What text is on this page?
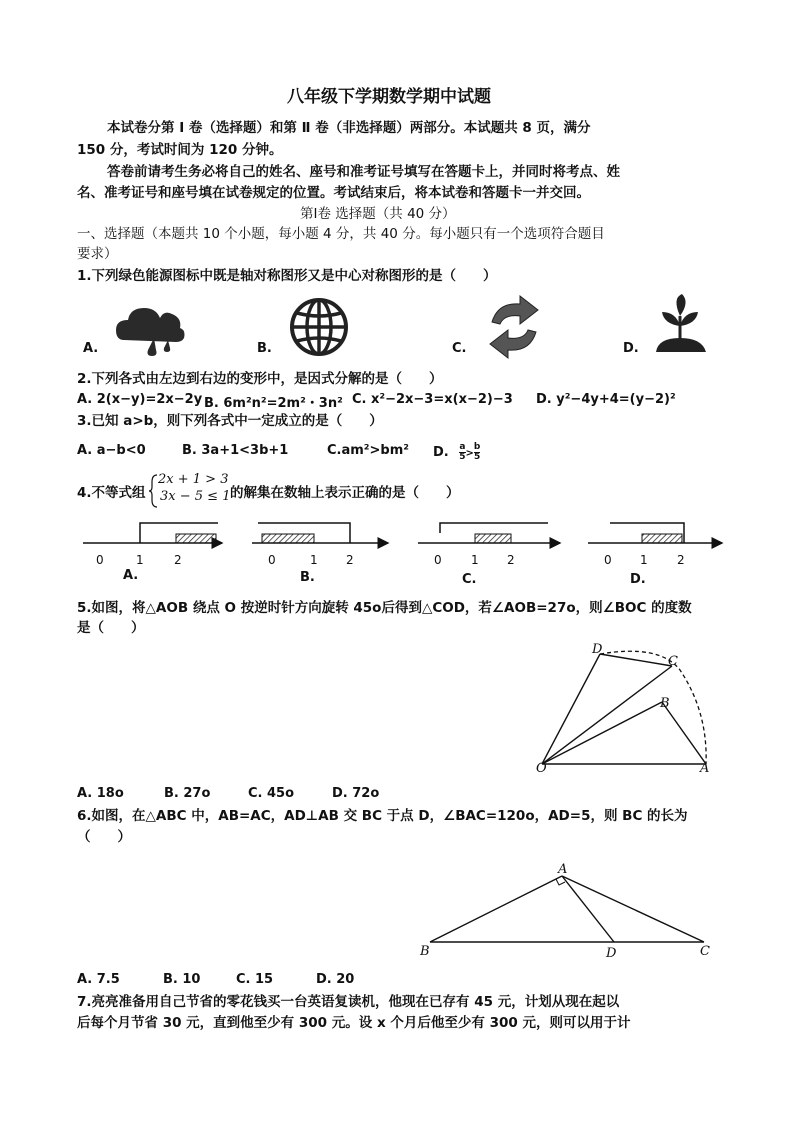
八年级下学期数学期中试题
本试卷分第 Ⅰ 卷（选择题）和第 Ⅱ 卷（非选择题）两部分。本试题共 8 页，满分
150 分，考试时间为 120 分钟。
答卷前请考生务必将自己的姓名、座号和准考证号填写在答题卡上，并同时将考点、姓
名、准考证号和座号填在试卷规定的位置。考试结束后，将本试卷和答题卡一并交回。
第Ⅰ卷 选择题（共 40 分）
一、选择题（本题共 10 个小题，每小题 4 分，共 40 分。每小题只有一个选项符合题目
要求）
1.下列绿色能源图标中既是轴对称图形又是中心对称图形的是（　　）
A.	B.	C.	D.
2.下列各式由左边到右边的变形中，是因式分解的是（　　）
A. 2(x−y)=2x−2y B. 6m²n²=2m²・3n² C. x²−2x−3=x(x−2)−3 D. y²−4y+4=(y−2)²
3.已知 a>b，则下列各式中一定成立的是（　　）
A. a−b<0	B. 3a+1<3b+1	C.am²>bm² D. $\frac{a}{5} > \frac{b}{5}$
4.不等式组
2x + 1 > 3
3x − 5 ≤ 1 的解集在数轴上表示正确的是（　　）
0	1	2	0	1 2	0 1 2	0 1 2
A.	B.	C.	D.
5.如图，将△AOB 绕点 O 按逆时针方向旋转 45o后得到△COD，若∠AOB=27o，则∠BOC 的度数
是（　　）
D
C
B
O	A
A. 18o	B. 27o	C. 45o	D. 72o
6.如图，在△ABC 中，AB=AC，AD⊥AB 交 BC 于点 D，∠BAC=120o，AD=5，则 BC 的长为
（　　）
A
B	D	C
A. 7.5	B. 10	C. 15	D. 20
7.亮亮准备用自己节省的零花钱买一台英语复读机，他现在已存有 45 元，计划从现在起以
后每个月节省 30 元，直到他至少有 300 元。设 x 个月后他至少有 300 元，则可以用于计
